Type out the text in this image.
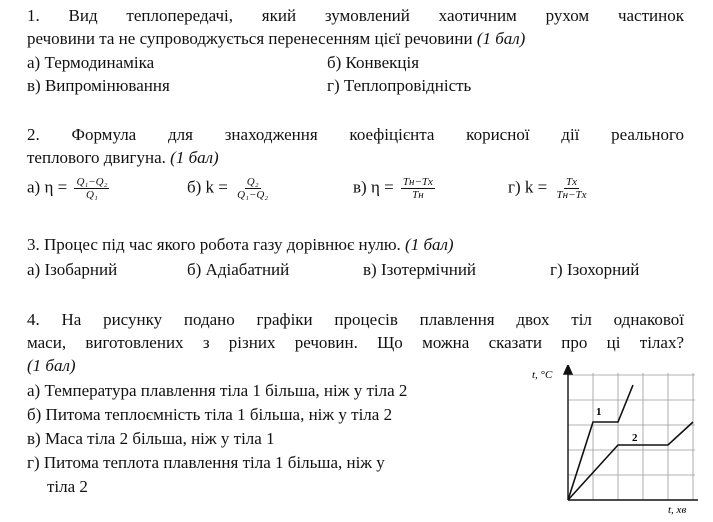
1. Вид теплопередачі, який зумовлений хаотичним рухом частинок
речовини та не супроводжується перенесенням цієї речовини (1 бал)
а) Термодинаміка	б) Конвекція
в) Випромінювання	г) Теплопровідність
2. Формула для знаходження коефіцієнта корисної дії реального
теплового двигуна. (1 бал)
а) $\eta = \frac{\text{Q₁−Q₂}}{\text{Q₁}}$	б) $k = \frac{\text{Q₂}}{\text{Q₁−Q₂}}$	в) $\eta = \frac{Tн-Tх}{Tн}$	г) $k = \frac{Tх}{Tн-Tх}$
3. Процес під час якого робота газу дорівнює нулю. (1 бал)
а) Ізобарний	б) Адіабатний	в) Ізотермічний	г) Ізохорний
4. На рисунку подано графіки процесів плавлення двох тіл однакової
маси, виготовлених з різних речовин. Що можна сказати про ці тілах?
(1 бал)
а) Температура плавлення тіла 1 більша, ніж у тіла 2
б) Питома теплоємність тіла 1 більша, ніж у тіла 2
в) Маса тіла 2 більша, ніж у тіла 1
г) Питома теплота плавлення тіла 1 більша, ніж у
тіла 2
t, °C
t, хв
1
2
